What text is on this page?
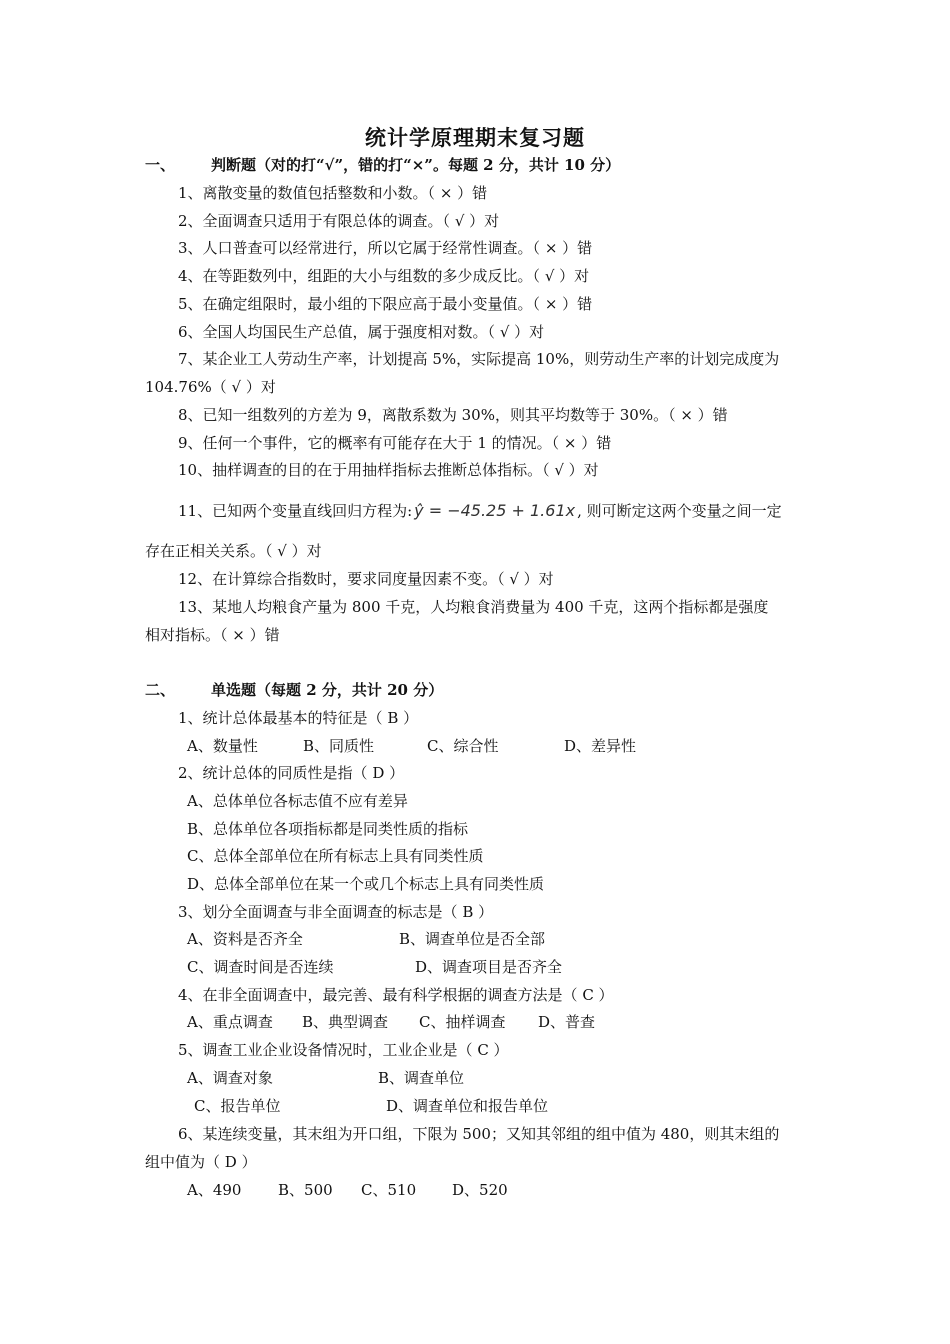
统计学原理期末复习题
一、 判断题（对的打“√”，错的打“×”。每题 2 分，共计 10 分）
1、离散变量的数值包括整数和小数。（ × ）错
2、全面调查只适用于有限总体的调查。（ √ ）对
3、人口普查可以经常进行，所以它属于经常性调查。（ × ）错
4、在等距数列中，组距的大小与组数的多少成反比。（ √ ）对
5、在确定组限时，最小组的下限应高于最小变量值。（ × ）错
6、全国人均国民生产总值，属于强度相对数。（ √ ）对
7、某企业工人劳动生产率，计划提高 5%，实际提高 10%，则劳动生产率的计划完成度为
104.76%（ √ ）对
8、已知一组数列的方差为 9，离散系数为 30%，则其平均数等于 30%。（ × ）错
9、任何一个事件，它的概率有可能存在大于 1 的情况。（ × ）错
10、抽样调查的目的在于用抽样指标去推断总体指标。（ √ ）对
11、已知两个变量直线回归方程为: ŷ = −45.25 + 1.61x , 则可断定这两个变量之间一定
存在正相关关系。（ √ ）对
12、在计算综合指数时，要求同度量因素不变。（ √ ）对
13、某地人均粮食产量为 800 千克，人均粮食消费量为 400 千克，这两个指标都是强度
相对指标。（ × ）错
二、 单选题（每题 2 分，共计 20 分）
1、统计总体最基本的特征是（ B ）
A、数量性	B、同质性	C、综合性	D、差异性
2、统计总体的同质性是指（ D ）
A、总体单位各标志值不应有差异
B、总体单位各项指标都是同类性质的指标
C、总体全部单位在所有标志上具有同类性质
D、总体全部单位在某一个或几个标志上具有同类性质
3、划分全面调查与非全面调查的标志是（ B ）
A、资料是否齐全	B、调查单位是否全部
C、调查时间是否连续	D、调查项目是否齐全
4、在非全面调查中，最完善、最有科学根据的调查方法是（ C ）
A、重点调查 B、典型调查 C、抽样调查 D、普查
5、调查工业企业设备情况时，工业企业是（ C ）
A、调查对象	B、调查单位
C、报告单位	D、调查单位和报告单位
6、某连续变量，其末组为开口组，下限为 500；又知其邻组的组中值为 480，则其末组的
组中值为（ D ）
A、490 B、500 C、510 D、520
